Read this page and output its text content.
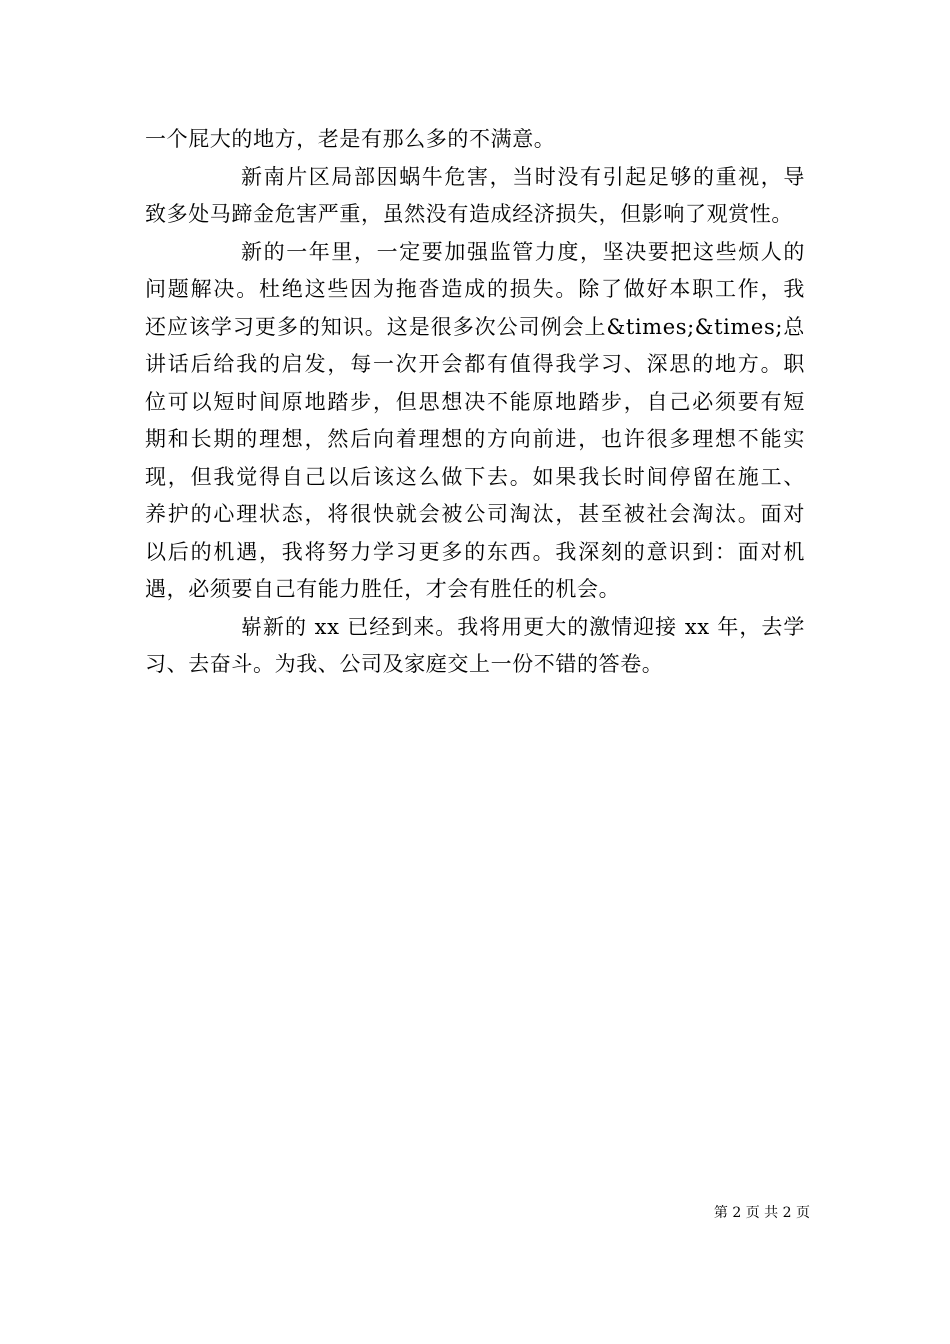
一个屁大的地方，老是有那么多的不满意。

新南片区局部因蜗牛危害，当时没有引起足够的重视，导
致多处马蹄金危害严重，虽然没有造成经济损失，但影响了观赏性。

新的一年里，一定要加强监管力度，坚决要把这些烦人的
问题解决。杜绝这些因为拖沓造成的损失。除了做好本职工作，我
还应该学习更多的知识。这是很多次公司例会上&times;&times;总
讲话后给我的启发，每一次开会都有值得我学习、深思的地方。职
位可以短时间原地踏步，但思想决不能原地踏步，自己必须要有短
期和长期的理想，然后向着理想的方向前进，也许很多理想不能实
现，但我觉得自己以后该这么做下去。如果我长时间停留在施工、
养护的心理状态，将很快就会被公司淘汰，甚至被社会淘汰。面对
以后的机遇，我将努力学习更多的东西。我深刻的意识到：面对机
遇，必须要自己有能力胜任，才会有胜任的机会。

崭新的 xx 已经到来。我将用更大的激情迎接 xx 年，去学
习、去奋斗。为我、公司及家庭交上一份不错的答卷。

第 2 页 共 2 页
